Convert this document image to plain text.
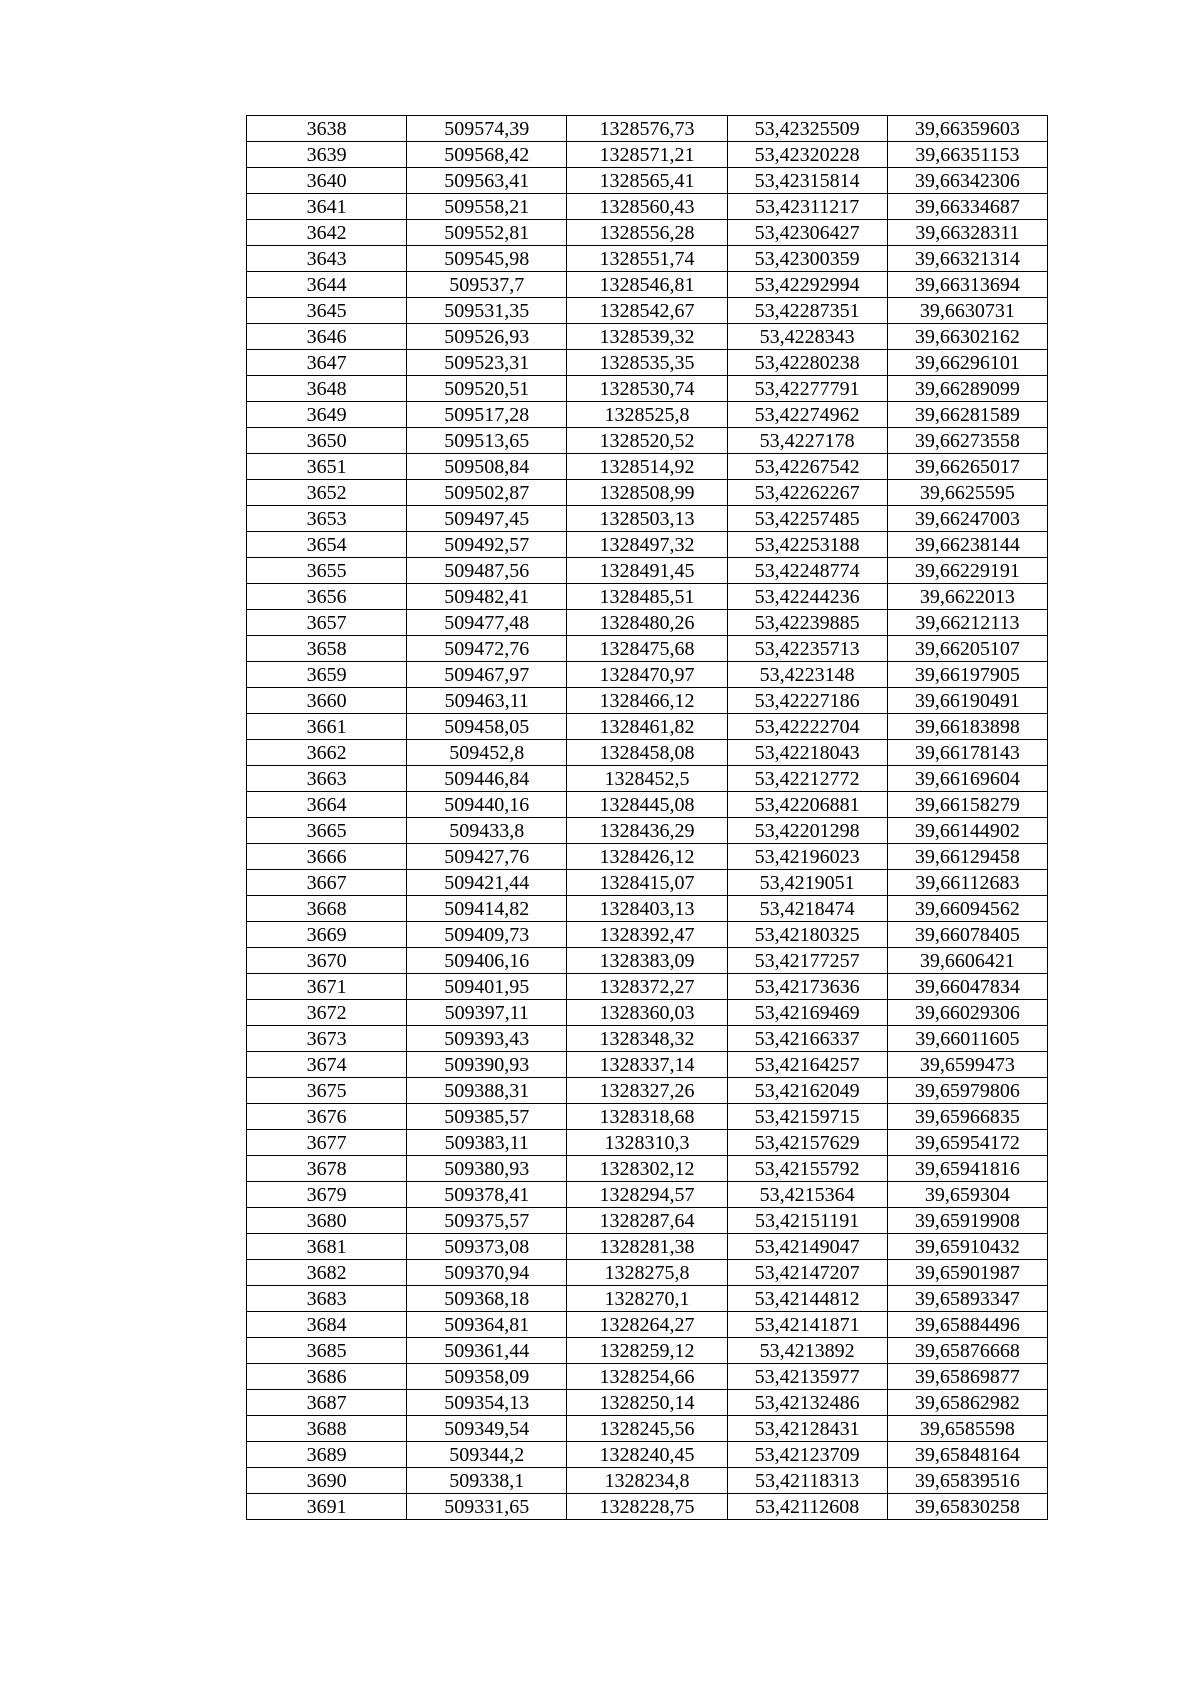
3638	509574,39	1328576,73	53,42325509	39,66359603
3639	509568,42	1328571,21	53,42320228	39,66351153
3640	509563,41	1328565,41	53,42315814	39,66342306
3641	509558,21	1328560,43	53,42311217	39,66334687
3642	509552,81	1328556,28	53,42306427	39,66328311
3643	509545,98	1328551,74	53,42300359	39,66321314
3644	509537,7	1328546,81	53,42292994	39,66313694
3645	509531,35	1328542,67	53,42287351	39,6630731
3646	509526,93	1328539,32	53,4228343	39,66302162
3647	509523,31	1328535,35	53,42280238	39,66296101
3648	509520,51	1328530,74	53,42277791	39,66289099
3649	509517,28	1328525,8	53,42274962	39,66281589
3650	509513,65	1328520,52	53,4227178	39,66273558
3651	509508,84	1328514,92	53,42267542	39,66265017
3652	509502,87	1328508,99	53,42262267	39,6625595
3653	509497,45	1328503,13	53,42257485	39,66247003
3654	509492,57	1328497,32	53,42253188	39,66238144
3655	509487,56	1328491,45	53,42248774	39,66229191
3656	509482,41	1328485,51	53,42244236	39,6622013
3657	509477,48	1328480,26	53,42239885	39,66212113
3658	509472,76	1328475,68	53,42235713	39,66205107
3659	509467,97	1328470,97	53,4223148	39,66197905
3660	509463,11	1328466,12	53,42227186	39,66190491
3661	509458,05	1328461,82	53,42222704	39,66183898
3662	509452,8	1328458,08	53,42218043	39,66178143
3663	509446,84	1328452,5	53,42212772	39,66169604
3664	509440,16	1328445,08	53,42206881	39,66158279
3665	509433,8	1328436,29	53,42201298	39,66144902
3666	509427,76	1328426,12	53,42196023	39,66129458
3667	509421,44	1328415,07	53,4219051	39,66112683
3668	509414,82	1328403,13	53,4218474	39,66094562
3669	509409,73	1328392,47	53,42180325	39,66078405
3670	509406,16	1328383,09	53,42177257	39,6606421
3671	509401,95	1328372,27	53,42173636	39,66047834
3672	509397,11	1328360,03	53,42169469	39,66029306
3673	509393,43	1328348,32	53,42166337	39,66011605
3674	509390,93	1328337,14	53,42164257	39,6599473
3675	509388,31	1328327,26	53,42162049	39,65979806
3676	509385,57	1328318,68	53,42159715	39,65966835
3677	509383,11	1328310,3	53,42157629	39,65954172
3678	509380,93	1328302,12	53,42155792	39,65941816
3679	509378,41	1328294,57	53,4215364	39,659304
3680	509375,57	1328287,64	53,42151191	39,65919908
3681	509373,08	1328281,38	53,42149047	39,65910432
3682	509370,94	1328275,8	53,42147207	39,65901987
3683	509368,18	1328270,1	53,42144812	39,65893347
3684	509364,81	1328264,27	53,42141871	39,65884496
3685	509361,44	1328259,12	53,4213892	39,65876668
3686	509358,09	1328254,66	53,42135977	39,65869877
3687	509354,13	1328250,14	53,42132486	39,65862982
3688	509349,54	1328245,56	53,42128431	39,6585598
3689	509344,2	1328240,45	53,42123709	39,65848164
3690	509338,1	1328234,8	53,42118313	39,65839516
3691	509331,65	1328228,75	53,42112608	39,65830258
